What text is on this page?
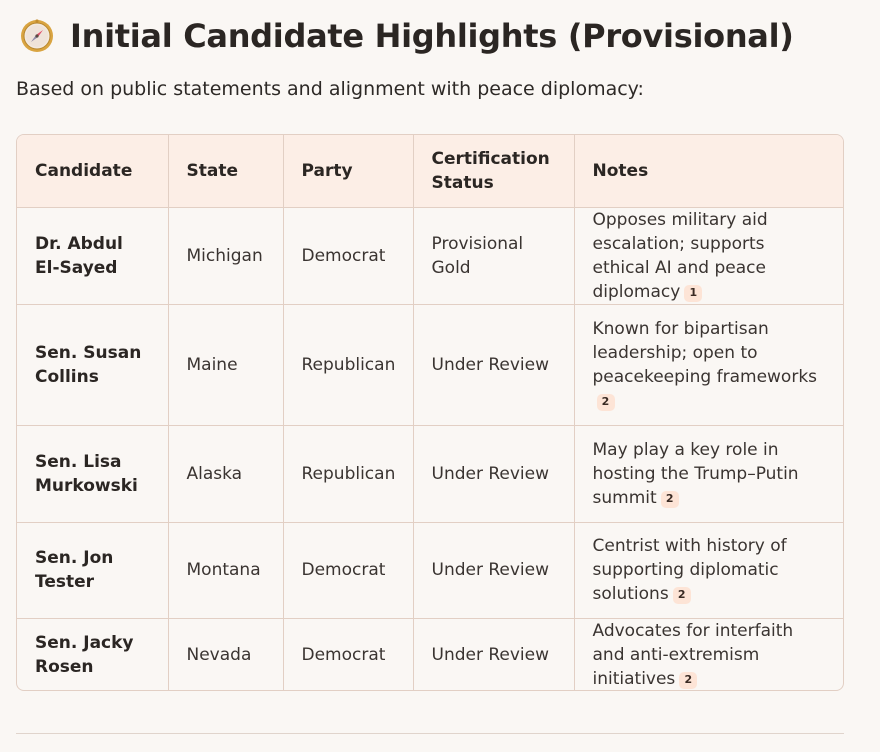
Initial Candidate Highlights (Provisional)
Based on public statements and alignment with peace diplomacy:
Candidate	State	Party	Certification Status	Notes
Dr. Abdul El-Sayed	Michigan	Democrat	Provisional Gold	Opposes military aid escalation; supports ethical AI and peace diplomacy 1
Sen. Susan Collins	Maine	Republican	Under Review	Known for bipartisan leadership; open to peacekeeping frameworks2
Sen. Lisa Murkowski	Alaska	Republican	Under Review	May play a key role in hosting the Trump–Putin summit 2
Sen. Jon Tester	Montana	Democrat	Under Review	Centrist with history of supporting diplomatic solutions 2
Sen. Jacky Rosen	Nevada	Democrat	Under Review	Advocates for interfaith and anti-extremism initiatives 2
